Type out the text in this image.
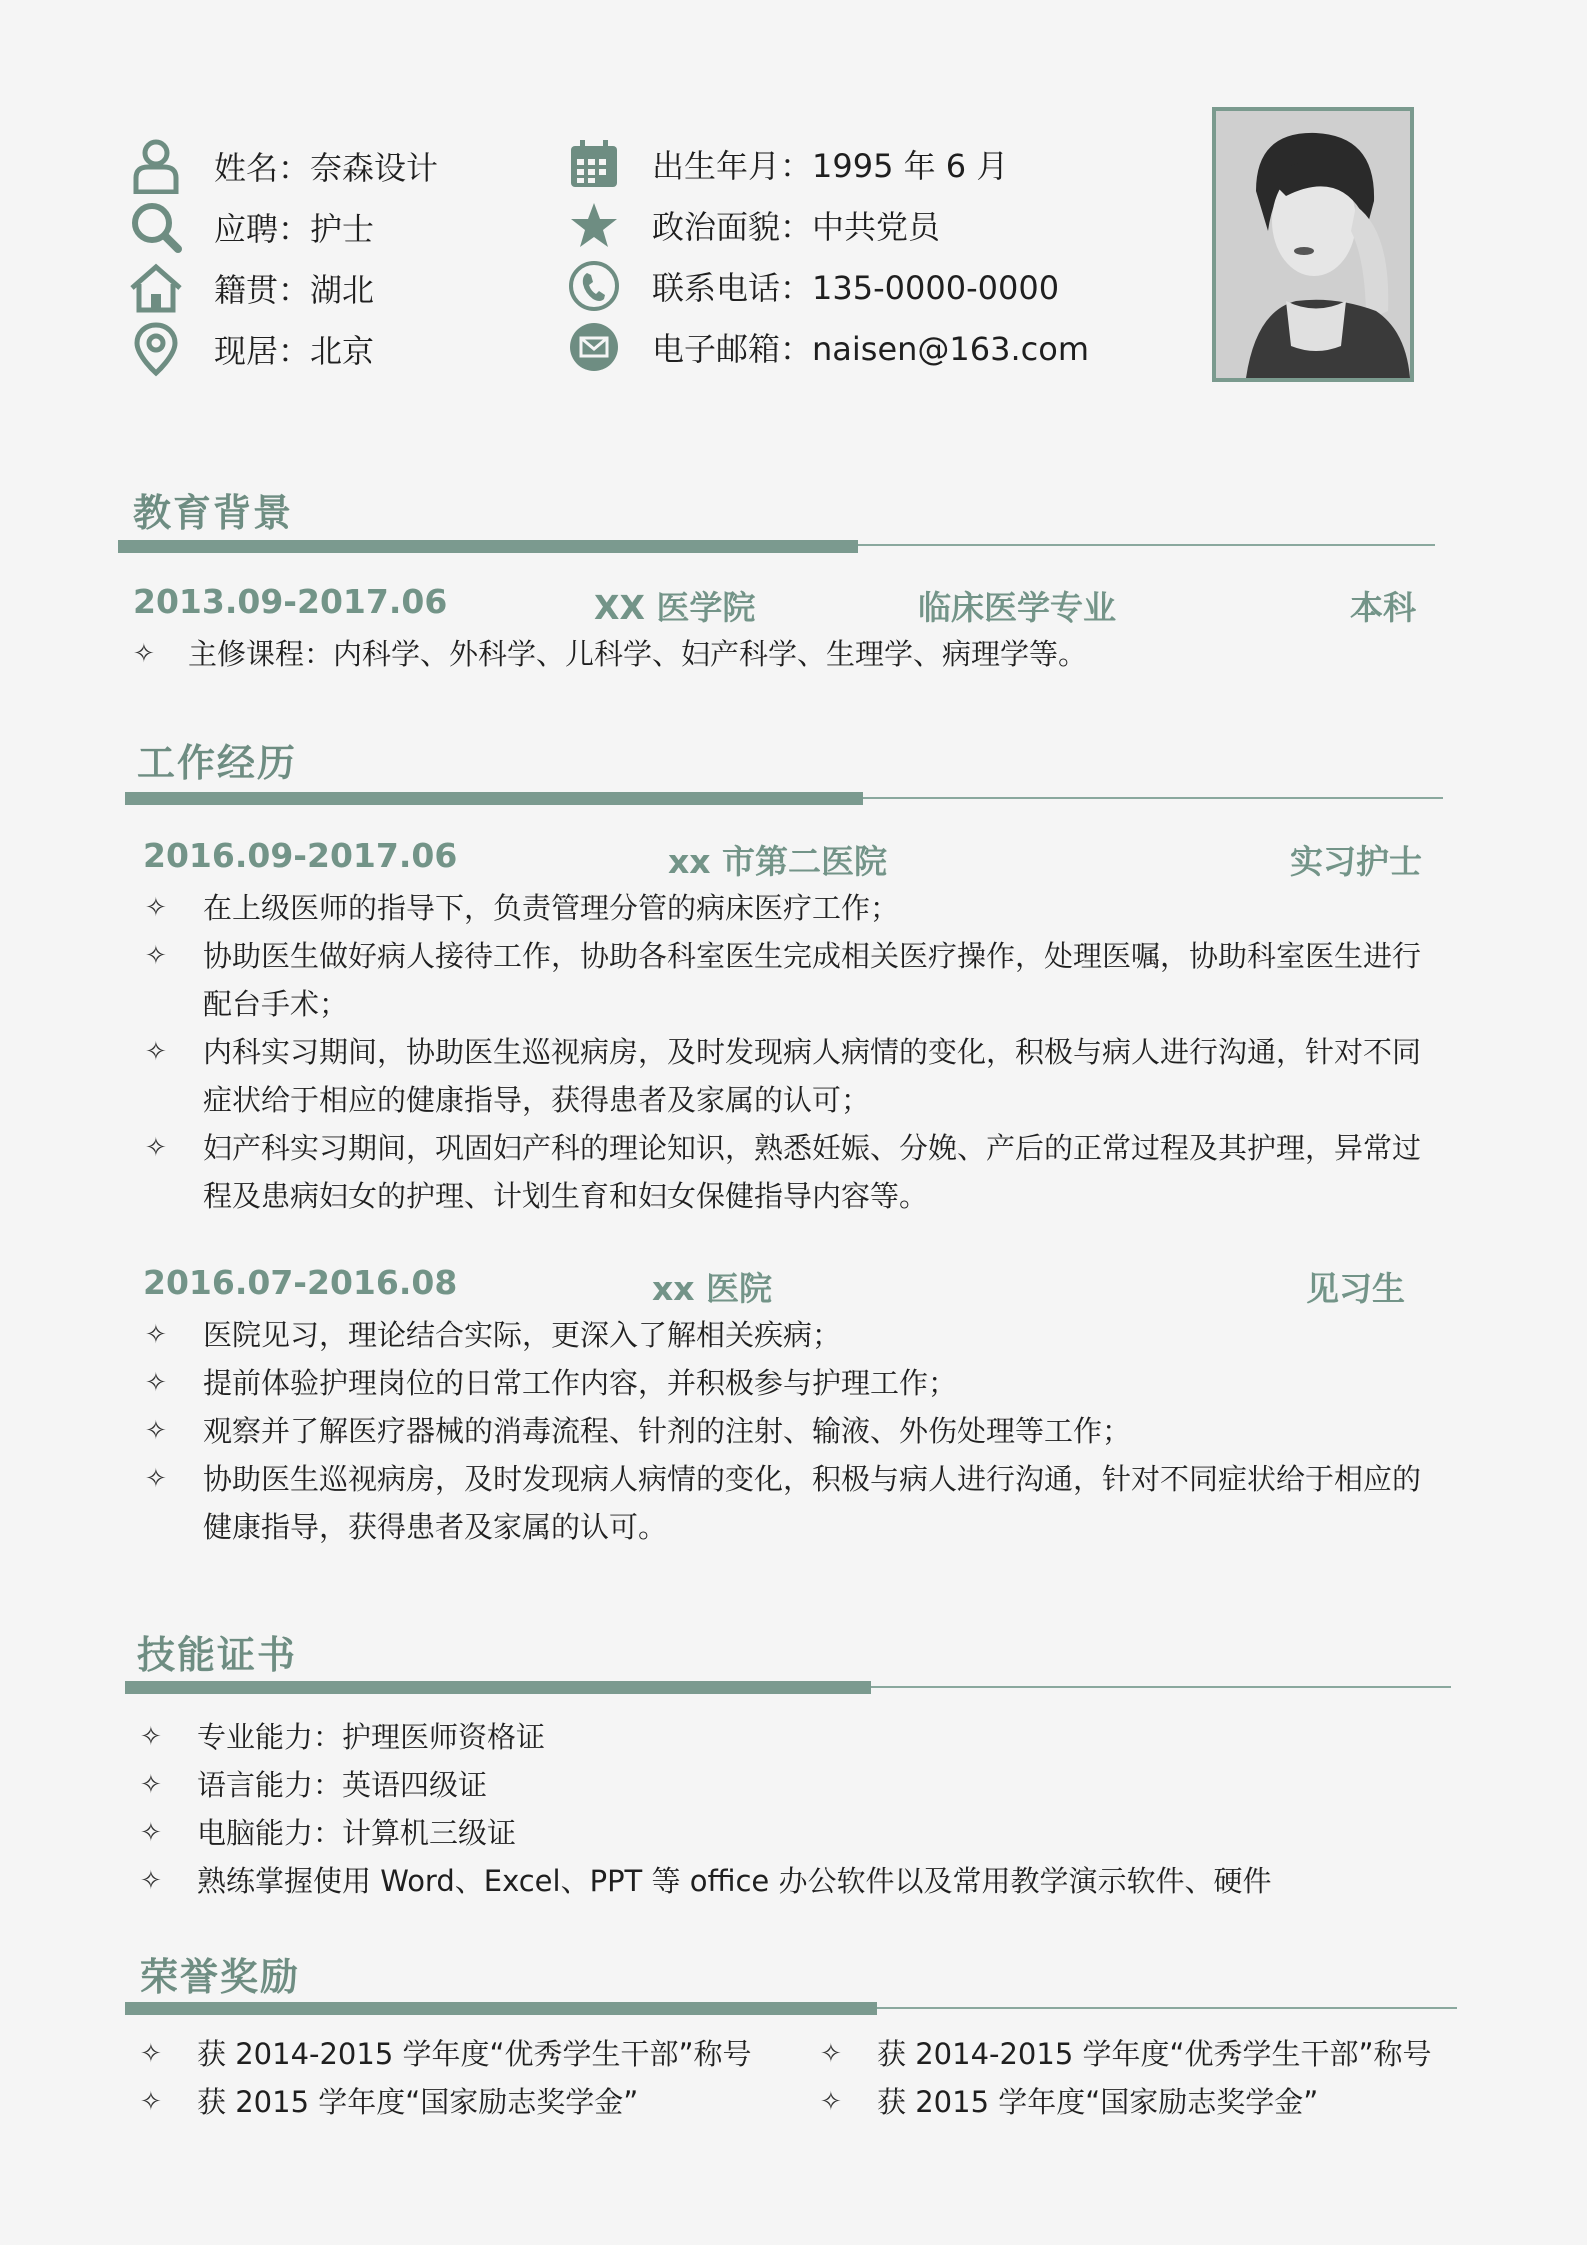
姓名：奈森设计
应聘：护士
籍贯：湖北
现居：北京
出生年月：1995 年 6 月
政治面貌：中共党员
联系电话：135-0000-0000
电子邮箱：naisen@163.com
教育背景
2013.09-2017.06	XX 医学院	临床医学专业	本科
✧	主修课程：内科学、外科学、儿科学、妇产科学、生理学、病理学等。
工作经历
2016.09-2017.06	xx 市第二医院	实习护士
✧	在上级医师的指导下，负责管理分管的病床医疗工作；
✧	协助医生做好病人接待工作，协助各科室医生完成相关医疗操作，处理医嘱，协助科室医生进行
配台手术；
✧	内科实习期间，协助医生巡视病房，及时发现病人病情的变化，积极与病人进行沟通，针对不同
症状给于相应的健康指导，获得患者及家属的认可；
✧	妇产科实习期间，巩固妇产科的理论知识，熟悉妊娠、分娩、产后的正常过程及其护理，异常过
程及患病妇女的护理、计划生育和妇女保健指导内容等。
2016.07-2016.08	xx 医院	见习生
✧	医院见习，理论结合实际，更深入了解相关疾病；
✧	提前体验护理岗位的日常工作内容，并积极参与护理工作；
✧	观察并了解医疗器械的消毒流程、针剂的注射、输液、外伤处理等工作；
✧	协助医生巡视病房，及时发现病人病情的变化，积极与病人进行沟通，针对不同症状给于相应的
健康指导，获得患者及家属的认可。
技能证书
✧	专业能力：护理医师资格证
✧	语言能力：英语四级证
✧	电脑能力：计算机三级证
✧	熟练掌握使用 Word、Excel、PPT 等 office 办公软件以及常用教学演示软件、硬件
荣誉奖励
✧	获 2014-2015 学年度“优秀学生干部”称号	✧	获 2014-2015 学年度“优秀学生干部”称号
✧	获 2015 学年度“国家励志奖学金”	✧	获 2015 学年度“国家励志奖学金”
